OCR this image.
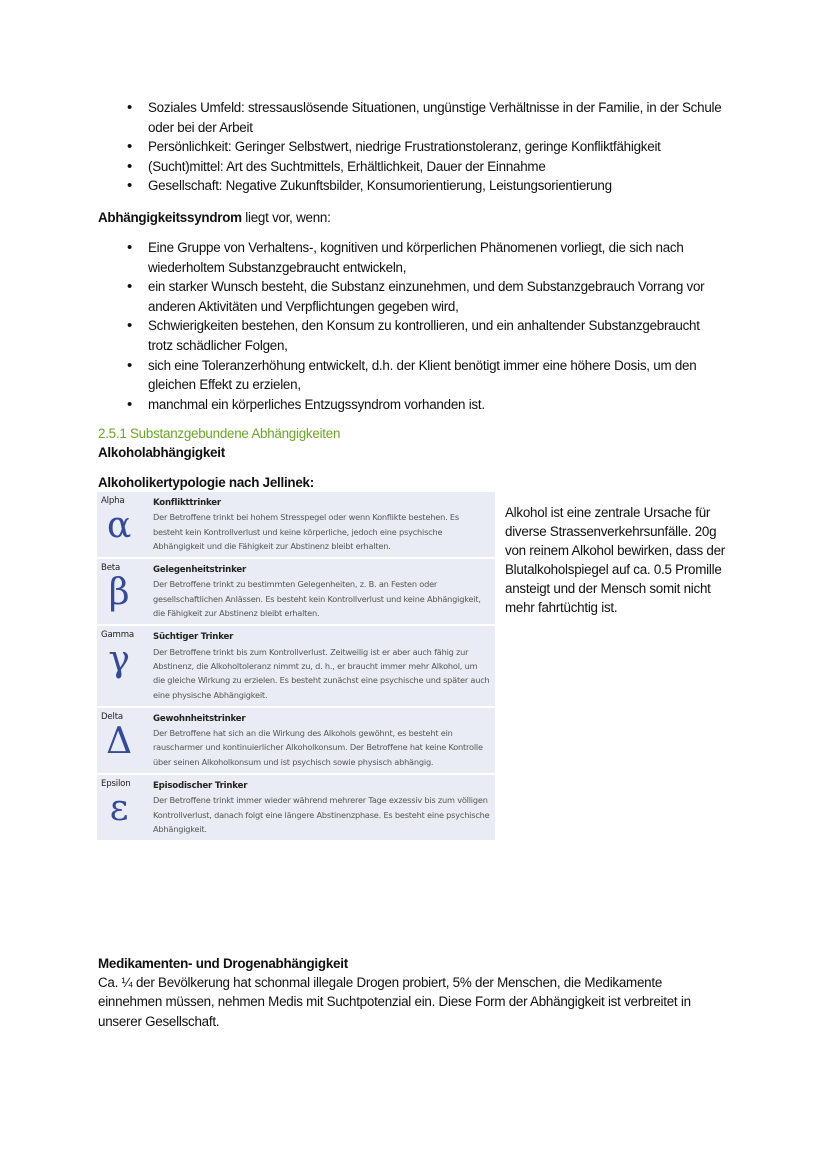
• Soziales Umfeld: stressauslösende Situationen, ungünstige Verhältnisse in der Familie, in der Schule oder bei der Arbeit
• Persönlichkeit: Geringer Selbstwert, niedrige Frustrationstoleranz, geringe Konfliktfähigkeit
• (Sucht)mittel: Art des Suchtmittels, Erhältlichkeit, Dauer der Einnahme
• Gesellschaft: Negative Zukunftsbilder, Konsumorientierung, Leistungsorientierung

Abhängigkeitssyndrom liegt vor, wenn:

• Eine Gruppe von Verhaltens-, kognitiven und körperlichen Phänomenen vorliegt, die sich nach wiederholtem Substanzgebraucht entwickeln,
• ein starker Wunsch besteht, die Substanz einzunehmen, und dem Substanzgebrauch Vorrang vor anderen Aktivitäten und Verpflichtungen gegeben wird,
• Schwierigkeiten bestehen, den Konsum zu kontrollieren, und ein anhaltender Substanzgebraucht trotz schädlicher Folgen,
• sich eine Toleranzerhöhung entwickelt, d.h. der Klient benötigt immer eine höhere Dosis, um den gleichen Effekt zu erzielen,
• manchmal ein körperliches Entzugssyndrom vorhanden ist.

2.5.1 Substanzgebundene Abhängigkeiten

Alkoholabhängigkeit

Alkoholikertypologie nach Jellinek:

Alpha
α	Konflikttrinker
Der Betroffene trinkt bei hohem Stresspegel oder wenn Konflikte bestehen. Es besteht kein Kontrollverlust und keine körperliche, jedoch eine psychische Abhängigkeit und die Fähigkeit zur Abstinenz bleibt erhalten.
Beta
β	Gelegenheitstrinker
Der Betroffene trinkt zu bestimmten Gelegenheiten, z. B. an Festen oder gesellschaftlichen Anlässen. Es besteht kein Kontrollverlust und keine Abhängigkeit, die Fähigkeit zur Abstinenz bleibt erhalten.
Gamma
γ	Süchtiger Trinker
Der Betroffene trinkt bis zum Kontrollverlust. Zeitweilig ist er aber auch fähig zur Abstinenz, die Alkoholtoleranz nimmt zu, d. h., er braucht immer mehr Alkohol, um die gleiche Wirkung zu erzielen. Es besteht zunächst eine psychische und später auch eine physische Abhängigkeit.
Delta
Δ	Gewohnheitstrinker
Der Betroffene hat sich an die Wirkung des Alkohols gewöhnt, es besteht ein rauscharmer und kontinuierlicher Alkoholkonsum. Der Betroffene hat keine Kontrolle über seinen Alkoholkonsum und ist psychisch sowie physisch abhängig.
Epsilon
ε	Episodischer Trinker
Der Betroffene trinkt immer wieder während mehrerer Tage exzessiv bis zum völligen Kontrollverlust, danach folgt eine längere Abstinenzphase. Es besteht eine psychische Abhängigkeit.

Alkohol ist eine zentrale Ursache für diverse Strassenverkehrsunfälle. 20g von reinem Alkohol bewirken, dass der Blutalkoholspiegel auf ca. 0.5 Promille ansteigt und der Mensch somit nicht mehr fahrtüchtig ist.

Medikamenten- und Drogenabhängigkeit

Ca. ¼ der Bevölkerung hat schonmal illegale Drogen probiert, 5% der Menschen, die Medikamente einnehmen müssen, nehmen Medis mit Suchtpotenzial ein. Diese Form der Abhängigkeit ist verbreitet in unserer Gesellschaft.
